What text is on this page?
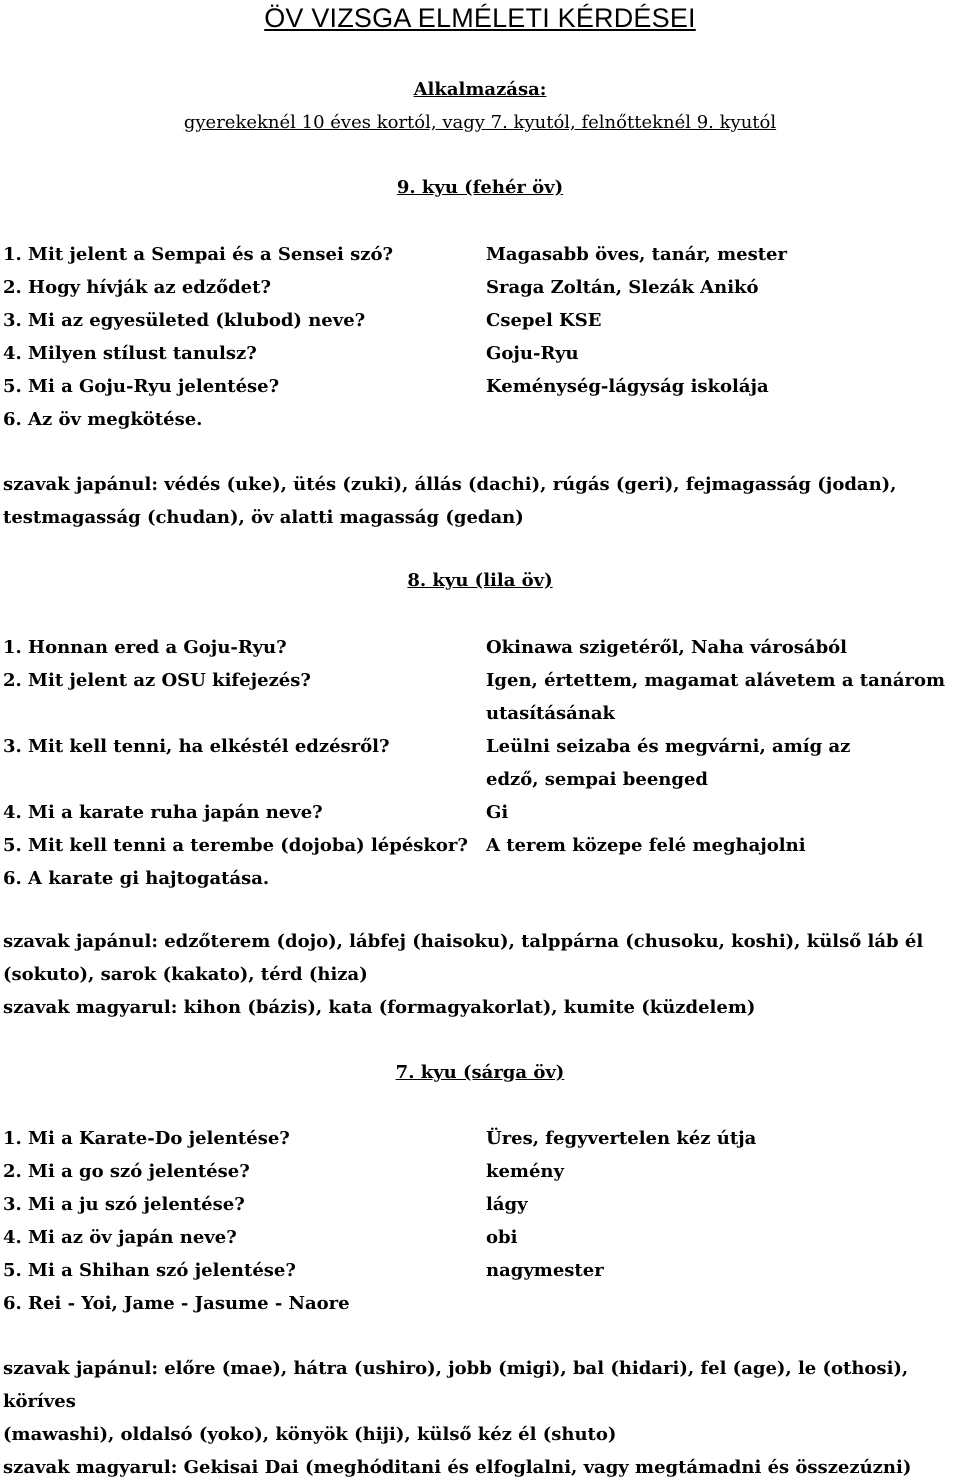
ÖV VIZSGA ELMÉLETI KÉRDÉSEI
Alkalmazása:
gyerekeknél 10 éves kortól, vagy 7. kyutól, felnőtteknél 9. kyutól
9. kyu (fehér öv)
1. Mit jelent a Sempai és a Sensei szó?	Magasabb öves, tanár, mester
2. Hogy hívják az edződet?	Sraga Zoltán, Slezák Anikó
3. Mi az egyesületed (klubod) neve?	Csepel KSE
4. Milyen stílust tanulsz?	Goju-Ryu
5. Mi a Goju-Ryu jelentése?	Keménység-lágyság iskolája
6. Az öv megkötése.
szavak japánul: védés (uke), ütés (zuki), állás (dachi), rúgás (geri), fejmagasság (jodan),
testmagasság (chudan), öv alatti magasság (gedan)
8. kyu (lila öv)
1. Honnan ered a Goju-Ryu?	Okinawa szigetéről, Naha városából
2. Mit jelent az OSU kifejezés?	Igen, értettem, magamat alávetem a tanárom
utasításának
3. Mit kell tenni, ha elkéstél edzésről?	Leülni seizaba és megvárni, amíg az
edző, sempai beenged
4. Mi a karate ruha japán neve?	Gi
5. Mit kell tenni a terembe (dojoba) lépéskor? A terem közepe felé meghajolni
6. A karate gi hajtogatása.
szavak japánul: edzőterem (dojo), lábfej (haisoku), talppárna (chusoku, koshi), külső láb él
(sokuto), sarok (kakato), térd (hiza)
szavak magyarul: kihon (bázis), kata (formagyakorlat), kumite (küzdelem)
7. kyu (sárga öv)
1. Mi a Karate-Do jelentése?	Üres, fegyvertelen kéz útja
2. Mi a go szó jelentése?	kemény
3. Mi a ju szó jelentése?	lágy
4. Mi az öv japán neve?	obi
5. Mi a Shihan szó jelentése?	nagymester
6. Rei - Yoi, Jame - Jasume - Naore
szavak japánul: előre (mae), hátra (ushiro), jobb (migi), bal (hidari), fel (age), le (othosi), köríves
(mawashi), oldalsó (yoko), könyök (hiji), külső kéz él (shuto)
szavak magyarul: Gekisai Dai (meghóditani és elfoglalni, vagy megtámadni és összezúzni)
